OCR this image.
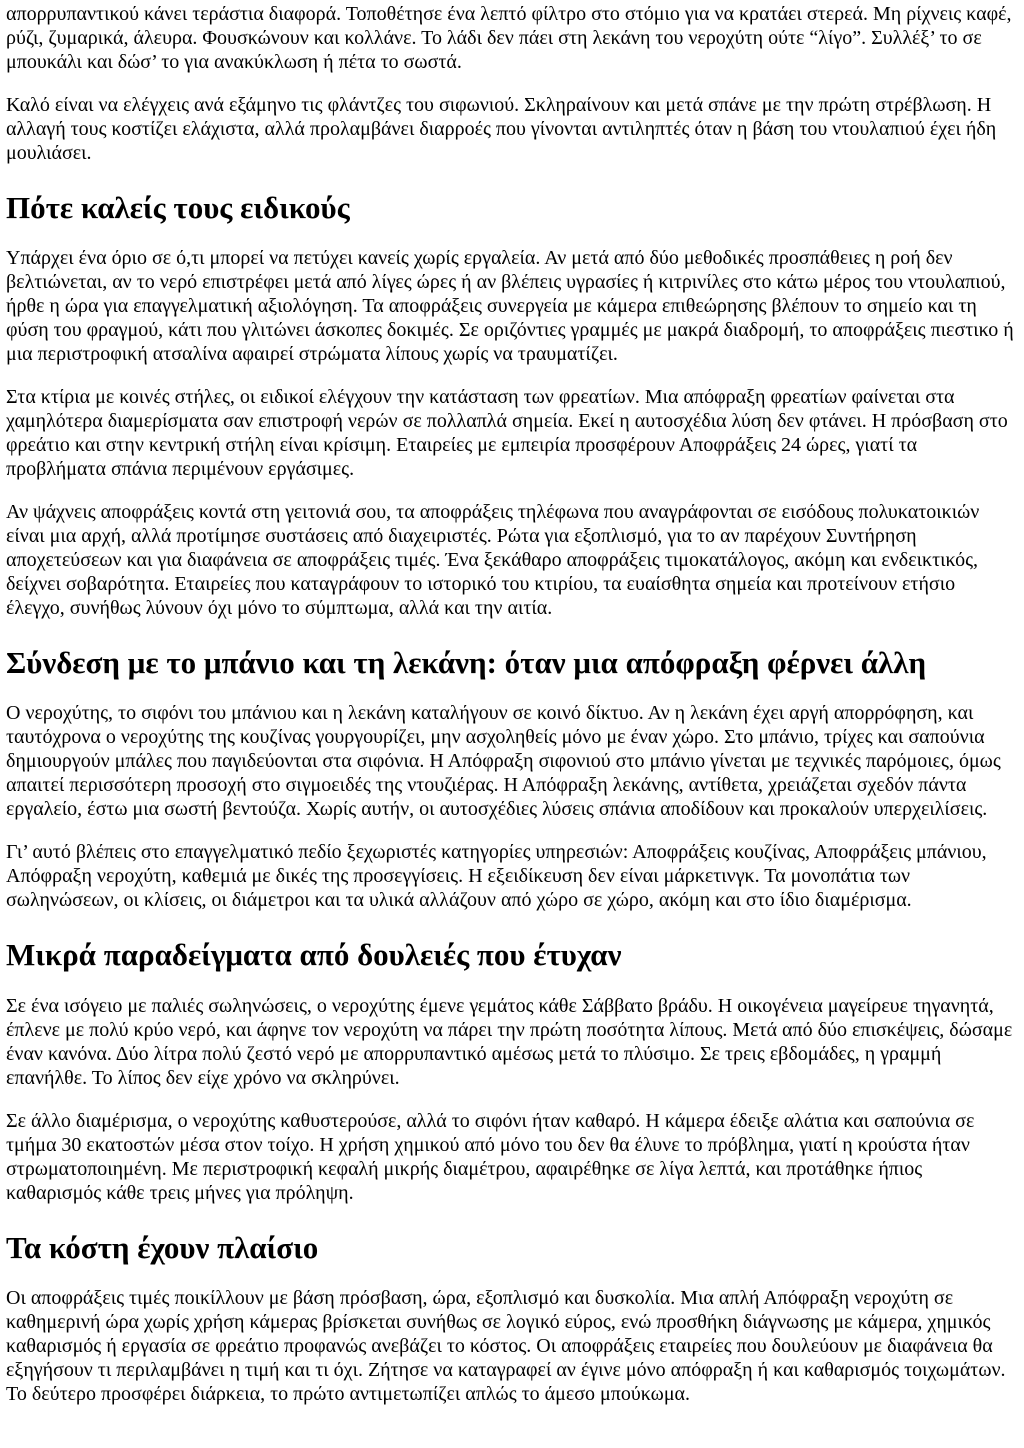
απορρυπαντικού κάνει τεράστια διαφορά. Τοποθέτησε ένα λεπτό φίλτρο στο στόμιο για να κρατάει στερεά. Μη ρίχνεις καφέ, ρύζι, ζυμαρικά, άλευρα. Φουσκώνουν και κολλάνε. Το λάδι δεν πάει στη λεκάνη του νεροχύτη ούτε “λίγο”. Συλλέξ’ το σε μπουκάλι και δώσ’ το για ανακύκλωση ή πέτα το σωστά.

Καλό είναι να ελέγχεις ανά εξάμηνο τις φλάντζες του σιφωνιού. Σκληραίνουν και μετά σπάνε με την πρώτη στρέβλωση. Η αλλαγή τους κοστίζει ελάχιστα, αλλά προλαμβάνει διαρροές που γίνονται αντιληπτές όταν η βάση του ντουλαπιού έχει ήδη μουλιάσει.

Πότε καλείς τους ειδικούς

Υπάρχει ένα όριο σε ό,τι μπορεί να πετύχει κανείς χωρίς εργαλεία. Αν μετά από δύο μεθοδικές προσπάθειες η ροή δεν βελτιώνεται, αν το νερό επιστρέφει μετά από λίγες ώρες ή αν βλέπεις υγρασίες ή κιτρινίλες στο κάτω μέρος του ντουλαπιού, ήρθε η ώρα για επαγγελματική αξιολόγηση. Τα αποφράξεις συνεργεία με κάμερα επιθεώρησης βλέπουν το σημείο και τη φύση του φραγμού, κάτι που γλιτώνει άσκοπες δοκιμές. Σε οριζόντιες γραμμές με μακρά διαδρομή, το αποφράξεις πιεστικο ή μια περιστροφική ατσαλίνα αφαιρεί στρώματα λίπους χωρίς να τραυματίζει.

Στα κτίρια με κοινές στήλες, οι ειδικοί ελέγχουν την κατάσταση των φρεατίων. Μια απόφραξη φρεατίων φαίνεται στα χαμηλότερα διαμερίσματα σαν επιστροφή νερών σε πολλαπλά σημεία. Εκεί η αυτοσχέδια λύση δεν φτάνει. Η πρόσβαση στο φρεάτιο και στην κεντρική στήλη είναι κρίσιμη. Εταιρείες με εμπειρία προσφέρουν Αποφράξεις 24 ώρες, γιατί τα προβλήματα σπάνια περιμένουν εργάσιμες.

Αν ψάχνεις αποφράξεις κοντά στη γειτονιά σου, τα αποφράξεις τηλέφωνα που αναγράφονται σε εισόδους πολυκατοικιών είναι μια αρχή, αλλά προτίμησε συστάσεις από διαχειριστές. Ρώτα για εξοπλισμό, για το αν παρέχουν Συντήρηση αποχετεύσεων και για διαφάνεια σε αποφράξεις τιμές. Ένα ξεκάθαρο αποφράξεις τιμοκατάλογος, ακόμη και ενδεικτικός, δείχνει σοβαρότητα. Εταιρείες που καταγράφουν το ιστορικό του κτιρίου, τα ευαίσθητα σημεία και προτείνουν ετήσιο έλεγχο, συνήθως λύνουν όχι μόνο το σύμπτωμα, αλλά και την αιτία.

Σύνδεση με το μπάνιο και τη λεκάνη: όταν μια απόφραξη φέρνει άλλη

Ο νεροχύτης, το σιφόνι του μπάνιου και η λεκάνη καταλήγουν σε κοινό δίκτυο. Αν η λεκάνη έχει αργή απορρόφηση, και ταυτόχρονα ο νεροχύτης της κουζίνας γουργουρίζει, μην ασχοληθείς μόνο με έναν χώρο. Στο μπάνιο, τρίχες και σαπούνια δημιουργούν μπάλες που παγιδεύονται στα σιφόνια. Η Απόφραξη σιφονιού στο μπάνιο γίνεται με τεχνικές παρόμοιες, όμως απαιτεί περισσότερη προσοχή στο σιγμοειδές της ντουζιέρας. Η Απόφραξη λεκάνης, αντίθετα, χρειάζεται σχεδόν πάντα εργαλείο, έστω μια σωστή βεντούζα. Χωρίς αυτήν, οι αυτοσχέδιες λύσεις σπάνια αποδίδουν και προκαλούν υπερχειλίσεις.

Γι’ αυτό βλέπεις στο επαγγελματικό πεδίο ξεχωριστές κατηγορίες υπηρεσιών: Αποφράξεις κουζίνας, Αποφράξεις μπάνιου, Απόφραξη νεροχύτη, καθεμιά με δικές της προσεγγίσεις. Η εξειδίκευση δεν είναι μάρκετινγκ. Τα μονοπάτια των σωληνώσεων, οι κλίσεις, οι διάμετροι και τα υλικά αλλάζουν από χώρο σε χώρο, ακόμη και στο ίδιο διαμέρισμα.

Μικρά παραδείγματα από δουλειές που έτυχαν

Σε ένα ισόγειο με παλιές σωληνώσεις, ο νεροχύτης έμενε γεμάτος κάθε Σάββατο βράδυ. Η οικογένεια μαγείρευε τηγανητά, έπλενε με πολύ κρύο νερό, και άφηνε τον νεροχύτη να πάρει την πρώτη ποσότητα λίπους. Μετά από δύο επισκέψεις, δώσαμε έναν κανόνα. Δύο λίτρα πολύ ζεστό νερό με απορρυπαντικό αμέσως μετά το πλύσιμο. Σε τρεις εβδομάδες, η γραμμή επανήλθε. Το λίπος δεν είχε χρόνο να σκληρύνει.

Σε άλλο διαμέρισμα, ο νεροχύτης καθυστερούσε, αλλά το σιφόνι ήταν καθαρό. Η κάμερα έδειξε αλάτια και σαπούνια σε τμήμα 30 εκατοστών μέσα στον τοίχο. Η χρήση χημικού από μόνο του δεν θα έλυνε το πρόβλημα, γιατί η κρούστα ήταν στρωματοποιημένη. Με περιστροφική κεφαλή μικρής διαμέτρου, αφαιρέθηκε σε λίγα λεπτά, και προτάθηκε ήπιος καθαρισμός κάθε τρεις μήνες για πρόληψη.

Τα κόστη έχουν πλαίσιο

Οι αποφράξεις τιμές ποικίλλουν με βάση πρόσβαση, ώρα, εξοπλισμό και δυσκολία. Μια απλή Απόφραξη νεροχύτη σε καθημερινή ώρα χωρίς χρήση κάμερας βρίσκεται συνήθως σε λογικό εύρος, ενώ προσθήκη διάγνωσης με κάμερα, χημικός καθαρισμός ή εργασία σε φρεάτιο προφανώς ανεβάζει το κόστος. Οι αποφράξεις εταιρείες που δουλεύουν με διαφάνεια θα εξηγήσουν τι περιλαμβάνει η τιμή και τι όχι. Ζήτησε να καταγραφεί αν έγινε μόνο απόφραξη ή και καθαρισμός τοιχωμάτων. Το δεύτερο προσφέρει διάρκεια, το πρώτο αντιμετωπίζει απλώς το άμεσο μπούκωμα.
